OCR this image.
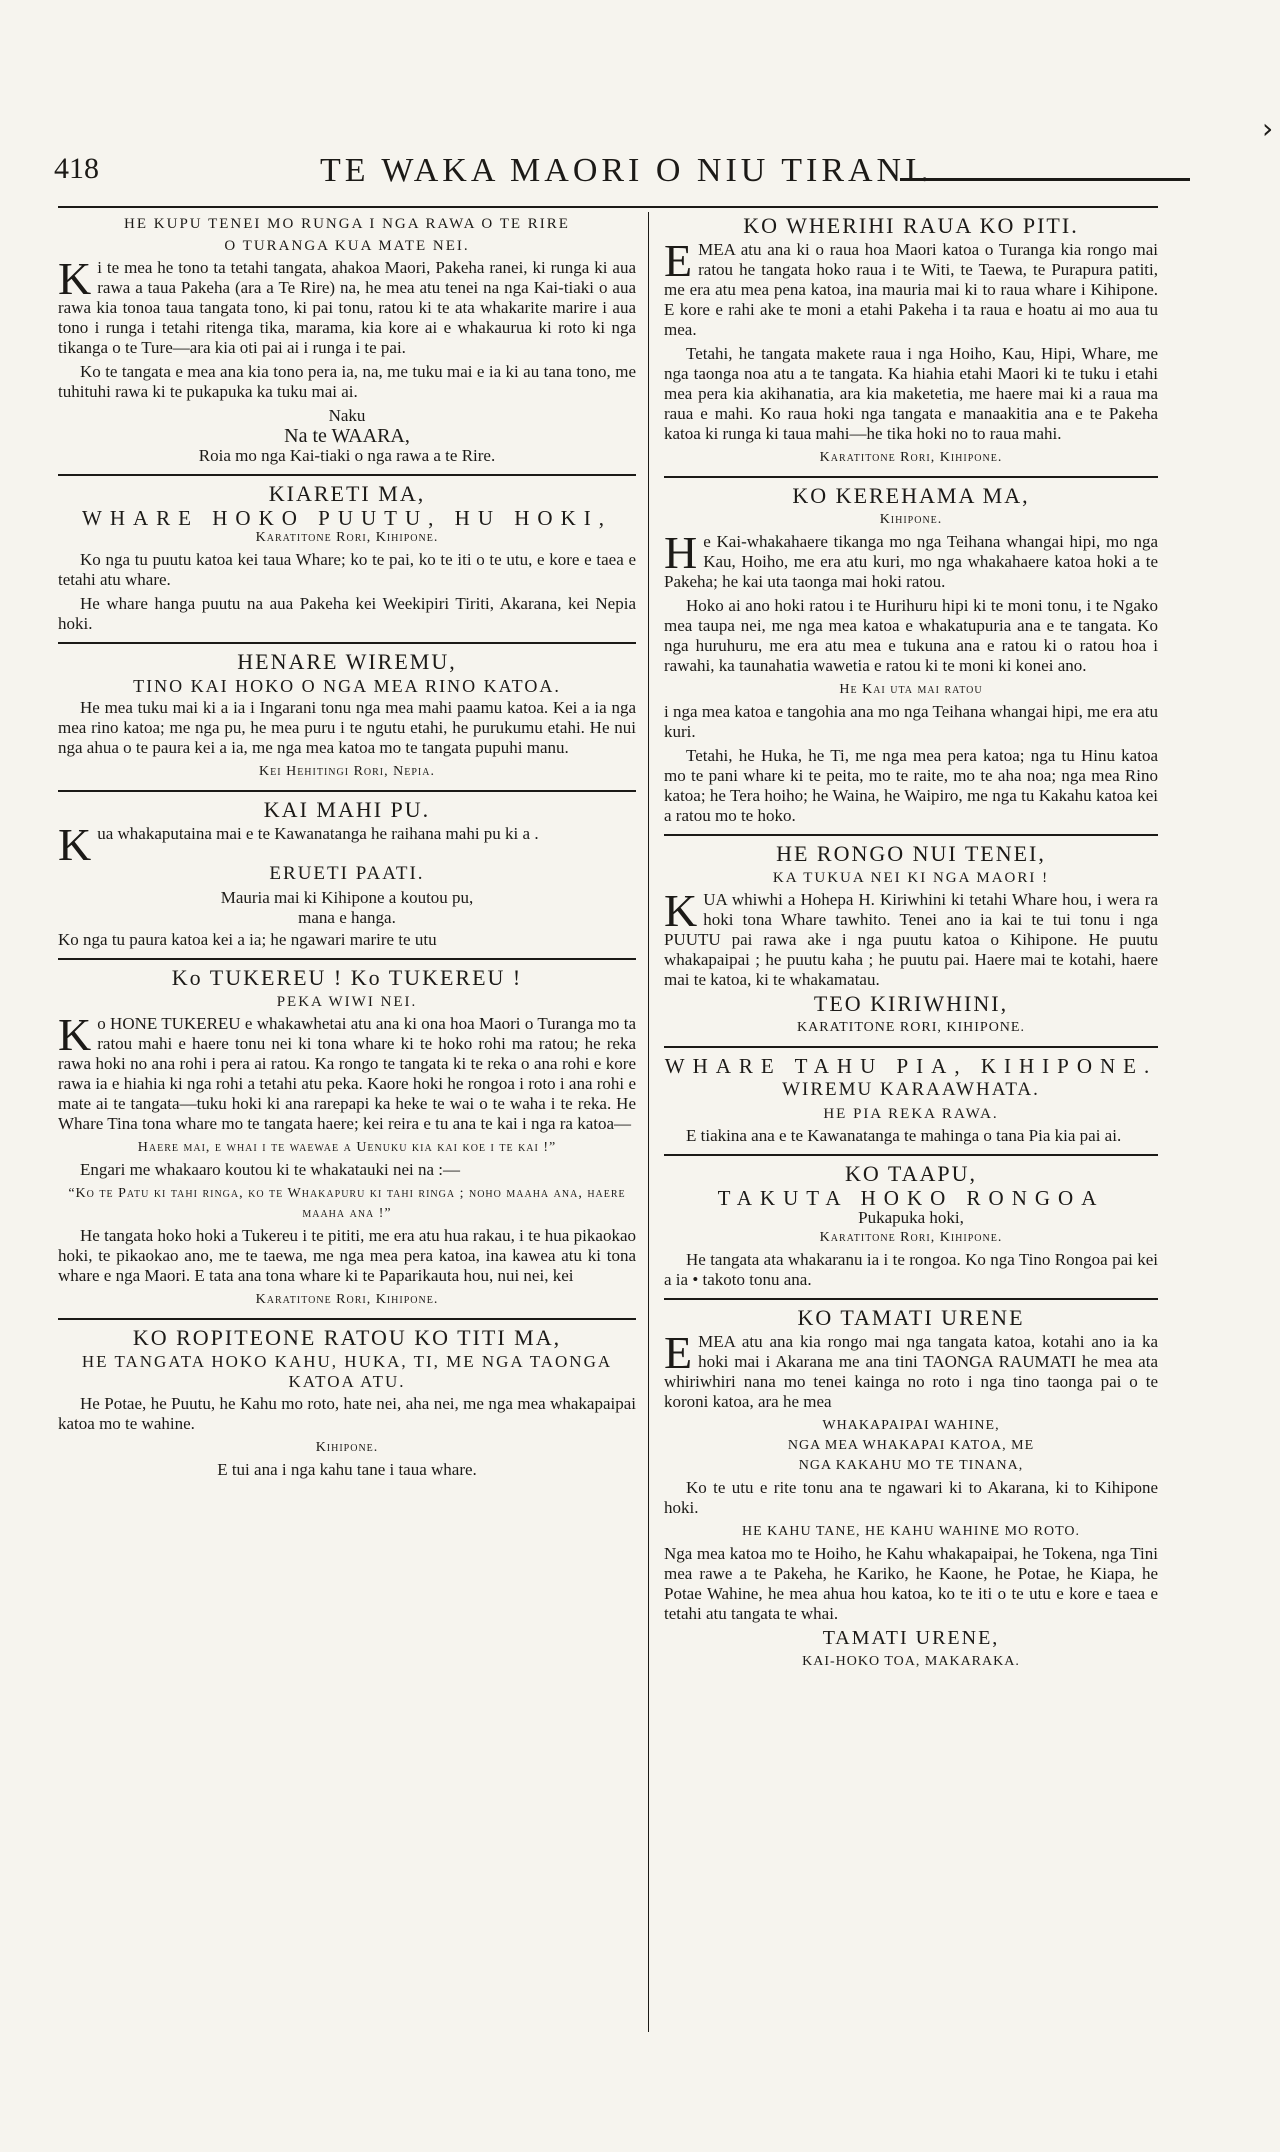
›
418	TE WAKA MAORI O NIU TIRANI.
HE KUPU TENEI MO RUNGA I NGA RAWA O TE RIRE
O TURANGA KUA MATE NEI.

Ki te mea he tono ta tetahi tangata, ahakoa Maori, Pakeha ranei, ki runga ki aua rawa a taua Pakeha (ara a Te Rire) na, he mea atu tenei na nga Kai-tiaki o aua rawa kia tonoa taua tangata tono, ki pai tonu, ratou ki te ata whakarite marire i aua tono i runga i tetahi ritenga tika, marama, kia kore ai e whakauruа ki roto ki nga tikanga o te Ture—ara kia oti pai ai i runga i te pai.

Ko te tangata e mea ana kia tono pera ia, na, me tuku mai e ia ki au tana tono, me tuhituhi rawa ki te pukapuka ka tuku mai ai.

Naku
Na te WAARA,
Roia mo nga Kai-tiaki o nga rawa a te Rire.
KIARETI MA,
WHARE HOKO PUUTU, HU HOKI,
Karatitone Rori, Kihipone.

Ko nga tu puutu katoa kei taua Whare; ko te pai, ko te iti o te utu, e kore e taea e tetahi atu whare.

He whare hanga puutu na aua Pakeha kei Weekipiri Tiriti, Akarana, kei Nepia hoki.

HENARE WIREMU,
TINO KAI HOKO O NGA MEA RINO KATOA.

He mea tuku mai ki a ia i Ingarani tonu nga mea mahi paamu katoa. Kei a ia nga mea rino katoa; me nga pu, he mea puru i te ngutu etahi, he purukumu etahi. He nui nga ahua o te paura kei a ia, me nga mea katoa mo te tangata pupuhi manu.

Kei Hehitingi Rori, Nepia.
KAI MAHI PU.

Kua whakaputaina mai e te Kawanatanga he raihana mahi pu ki a .

ERUETI PAATI.
Mauria mai ki Kihipone a koutou pu,
mana e hanga.

Ko nga tu paura katoa kei a ia; he ngawari marire te utu

Ko TUKEREU ! Ko TUKEREU !
PEKA WIWI NEI.

Ko HONE TUKEREU e whakawhetai atu ana ki ona hoa Maori o Turanga mo ta ratou mahi e haere tonu nei ki tona whare ki te hoko rohi ma ratou; he reka rawa hoki no ana rohi i pera ai ratou. Ka rongo te tangata ki te reka o ana rohi e kore rawa ia e hiahia ki nga rohi a tetahi atu peka. Kaore hoki he rongoa i roto i ana rohi e mate ai te tangata—tuku hoki ki ana rarepapi ka heke te wai o te waha i te reka. He Whare Tina tona whare mo te tangata haere; kei reira e tu ana te kai i nga ra katoa—

Haere mai, e whai i te waewae a Uenuku kia kai koe i te kai !”

Engari me whakaaro koutou ki te whakatauki nei na :—

“Ko te Patu ki tahi ringa, ko te Whakapuru ki tahi ringa ; noho maaha ana, haere maaha ana !”

He tangata hoko hoki a Tukereu i te pititi, me era atu hua rakau, i te hua pikaokao hoki, te pikaokao ano, me te taewa, me nga mea pera katoa, ina kawea atu ki tona whare e nga Maori. E tata ana tona whare ki te Paparikauta hou, nui nei, kei

Karatitone Rori, Kihipone.
KO ROPITEONE RATOU KO TITI MA,
HE TANGATA HOKO KAHU, HUKA, TI, ME NGA TAONGA KATOA ATU.

He Potae, he Puutu, he Kahu mo roto, hate nei, aha nei, me nga mea whakapaipai katoa mo te wahine.

Kihipone.

E tui ana i nga kahu tane i taua whare.

KO WHERIHI RAUA KO PITI.

EMEA atu ana ki o raua hoa Maori katoa o Turanga kia rongo mai ratou he tangata hoko raua i te Witi, te Taewa, te Purapura patiti, me era atu mea pena katoa, ina mauria mai ki to raua whare i Kihipone. E kore e rahi ake te moni a etahi Pakeha i ta raua e hoatu ai mo aua tu mea.

Tetahi, he tangata makete raua i nga Hoiho, Kau, Hipi, Whare, me nga taonga noa atu a te tangata. Ka hiahia etahi Maori ki te tuku i etahi mea pera kia akihanatia, ara kia maketetia, me haere mai ki a raua ma raua e mahi. Ko raua hoki nga tangata e manaakitia ana e te Pakeha katoa ki runga ki taua mahi—he tika hoki no to raua mahi.

Karatitone Rori, Kihipone.
KO KEREHAMA MA,
Kihipone.

He Kai-whakahaere tikanga mo nga Teihana whangai hipi, mo nga Kau, Hoiho, me era atu kuri, mo nga whakahaere katoa hoki a te Pakeha; he kai uta taonga mai hoki ratou.

Hoko ai ano hoki ratou i te Hurihuru hipi ki te moni tonu, i te Ngako mea taupa nei, me nga mea katoa e whakatupuria ana e te tangata. Ko nga huruhuru, me era atu mea e tukuna ana e ratou ki o ratou hoa i rawahi, ka taunahatia wawetia e ratou ki te moni ki konei ano.

He Kai uta mai ratou

i nga mea katoa e tangohia ana mo nga Teihana whangai hipi, me era atu kuri.

Tetahi, he Huka, he Ti, me nga mea pera katoa; nga tu Hinu katoa mo te pani whare ki te peita, mo te raite, mo te aha noa; nga mea Rino katoa; he Tera hoiho; he Waina, he Waipiro, me nga tu Kakahu katoa kei a ratou mo te hoko.

HE RONGO NUI TENEI,
KA TUKUA NEI KI NGA MAORI !

KUA whiwhi a Hohepa H. Kiriwhini ki tetahi Whare hou, i wera ra hoki tona Whare tawhito. Tenei ano ia kai te tui tonu i nga PUUTU pai rawa ake i nga puutu katoa o Kihipone. He puutu whakapaipai ; he puutu kaha ; he puutu pai. Haere mai te kotahi, haere mai te katoa, ki te whakamatau.

TEO KIRIWHINI,
KARATITONE RORI, KIHIPONE.
WHARE TAHU PIA, KIHIPONE.
WIREMU KARAAWHATA.
HE PIA REKA RAWA.

E tiakina ana e te Kawanatanga te mahinga o tana Pia kia pai ai.

KO TAAPU,
TAKUTA HOKO RONGOA
Pukapuka hoki,
Karatitone Rori, Kihipone.

He tangata ata whakaranu ia i te rongoa. Ko nga Tino Rongoa pai kei a ia • takoto tonu ana.

KO TAMATI URENE

EMEA atu ana kia rongo mai nga tangata katoa, kotahi ano ia ka hoki mai i Akarana me ana tini TAONGA RAUMATI he mea ata whiriwhiri nana mo tenei kainga no roto i nga tino taonga pai o te koroni katoa, ara he mea

WHAKAPAIPAI WAHINE,
NGA MEA WHAKAPAI KATOA, ME
NGA KAKAHU MO TE TINANA,

Ko te utu e rite tonu ana te ngawari ki to Akarana, ki to Kihipone hoki.

HE KAHU TANE, HE KAHU WAHINE MO ROTO.

Nga mea katoa mo te Hoiho, he Kahu whakapaipai, he Tokena, nga Tini mea rawe a te Pakeha, he Kariko, he Kaone, he Potae, he Kiapa, he Potae Wahine, he mea ahua hou katoa, ko te iti o te utu e kore e taea e tetahi atu tangata te whai.

TAMATI URENE,
KAI-HOKO TOA, MAKARAKA.
